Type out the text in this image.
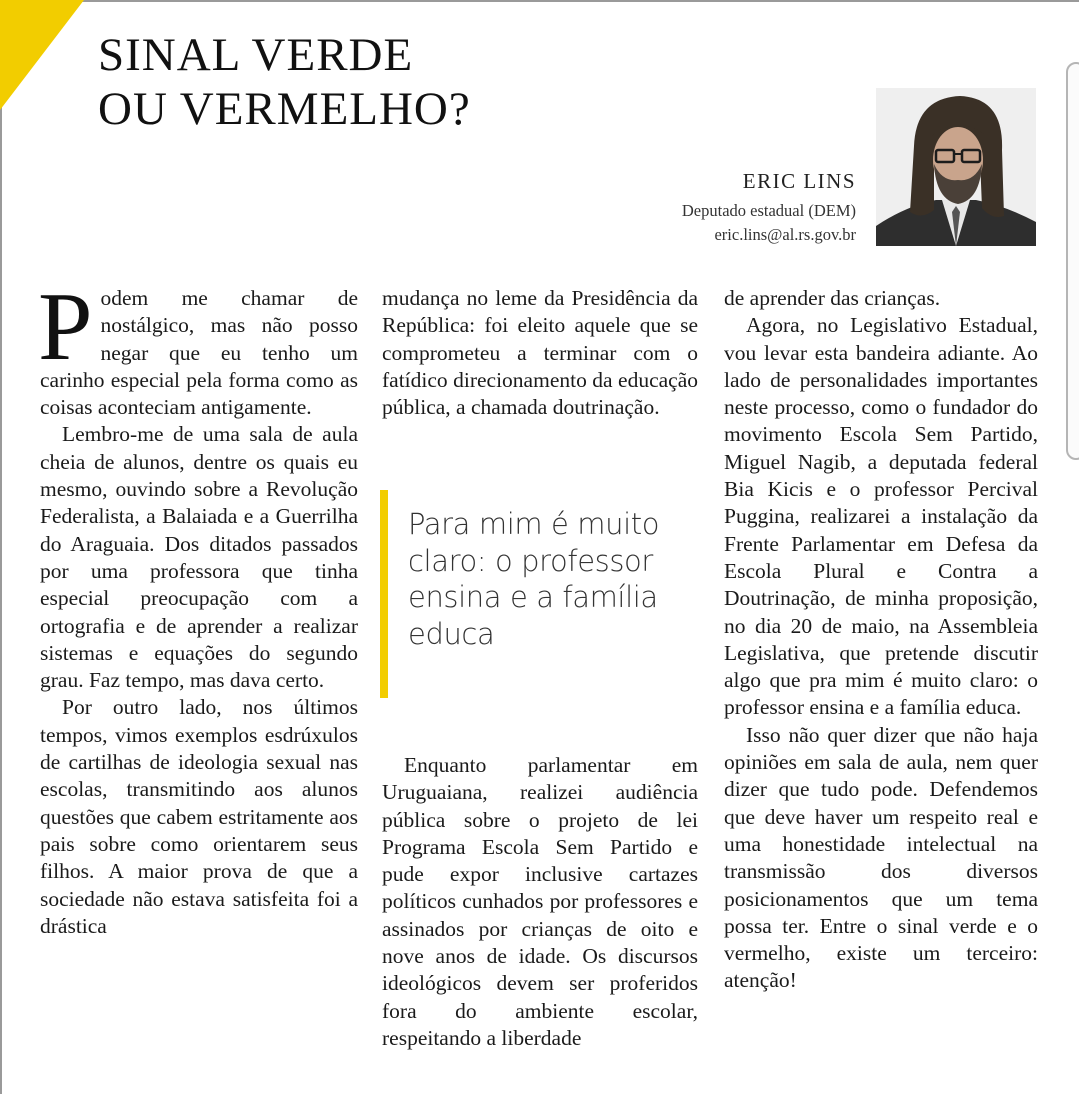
SINAL VERDE
OU VERMELHO?
ERIC LINS
Deputado estadual (DEM)
eric.lins@al.rs.gov.br

Podem me chamar de nostálgico, mas não posso negar que eu tenho um carinho especial pela forma como as coisas aconteciam antigamente.

Lembro-me de uma sala de aula cheia de alunos, dentre os quais eu mesmo, ouvindo sobre a Revolução Federalista, a Balaiada e a Guerrilha do Araguaia. Dos ditados passados por uma professora que tinha especial preocupação com a ortografia e de aprender a realizar sistemas e equações do segundo grau. Faz tempo, mas dava certo.

Por outro lado, nos últimos tempos, vimos exemplos esdrúxulos de cartilhas de ideologia sexual nas escolas, transmitindo aos alunos questões que cabem estritamente aos pais sobre como orientarem seus filhos. A maior prova de que a sociedade não estava satisfeita foi a drástica

mudança no leme da Presidência da República: foi eleito aquele que se comprometeu a terminar com o fatídico direcionamento da educação pública, a chamada doutrinação.

Para mim é muito claro: o professor ensina e a família educa

Enquanto parlamentar em Uruguaiana, realizei audiência pública sobre o projeto de lei Programa Escola Sem Partido e pude expor inclusive cartazes políticos cunhados por professores e assinados por crianças de oito e nove anos de idade. Os discursos ideológicos devem ser proferidos fora do ambiente escolar, respeitando a liberdade

de aprender das crianças.

Agora, no Legislativo Estadual, vou levar esta bandeira adiante. Ao lado de personalidades importantes neste processo, como o fundador do movimento Escola Sem Partido, Miguel Nagib, a deputada federal Bia Kicis e o professor Percival Puggina, realizarei a instalação da Frente Parlamentar em Defesa da Escola Plural e Contra a Doutrinação, de minha proposição, no dia 20 de maio, na Assembleia Legislativa, que pretende discutir algo que pra mim é muito claro: o professor ensina e a família educa.

Isso não quer dizer que não haja opiniões em sala de aula, nem quer dizer que tudo pode. Defendemos que deve haver um respeito real e uma honestidade intelectual na transmissão dos diversos posicionamentos que um tema possa ter. Entre o sinal verde e o vermelho, existe um terceiro: atenção!
